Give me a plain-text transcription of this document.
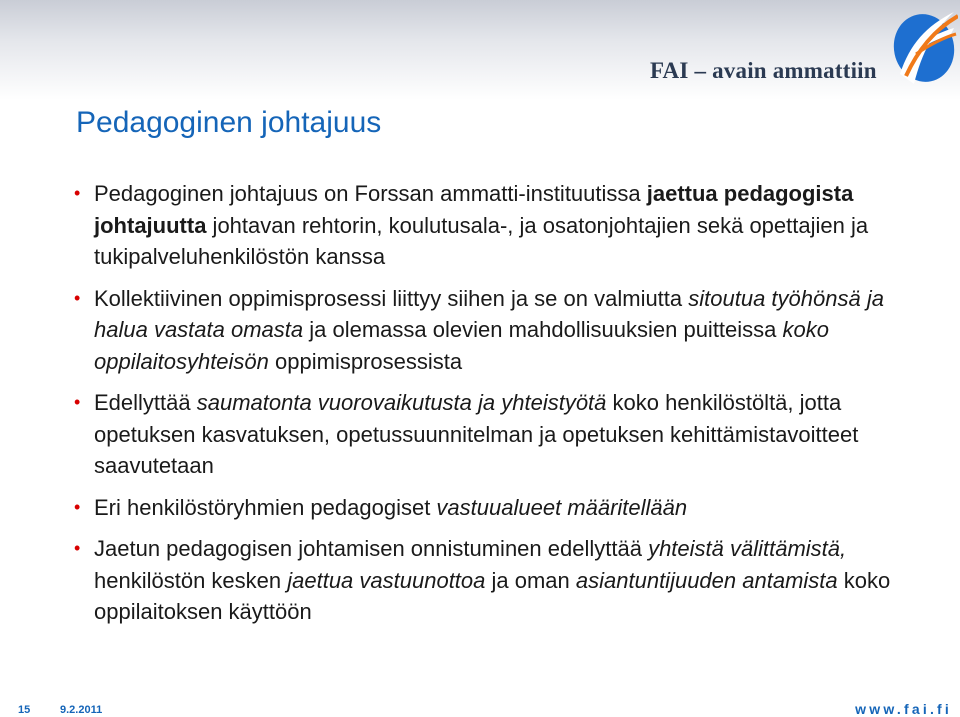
FAI – avain ammattiin
Pedagoginen johtajuus
• Pedagoginen johtajuus on Forssan ammatti-instituutissa jaettua pedagogista johtajuutta johtavan rehtorin, koulutusala-, ja osatonjohtajien sekä opettajien ja tukipalveluhenkilöstön kanssa
• Kollektiivinen oppimisprosessi liittyy siihen ja se on valmiutta sitoutua työhönsä ja halua vastata omasta ja olemassa olevien mahdollisuuksien puitteissa koko oppilaitosyhteisön oppimisprosessista
• Edellyttää saumatonta vuorovaikutusta ja yhteistyötä koko henkilöstöltä, jotta opetuksen kasvatuksen, opetussuunnitelman ja opetuksen kehittämistavoitteet saavutetaan
• Eri henkilöstöryhmien pedagogiset vastuualueet määritellään
• Jaetun pedagogisen johtamisen onnistuminen edellyttää yhteistä välittämistä, henkilöstön kesken jaettua vastuunottoa ja oman asiantuntijuuden antamista koko oppilaitoksen käyttöön
15	9.2.2011	www.fai.fi
